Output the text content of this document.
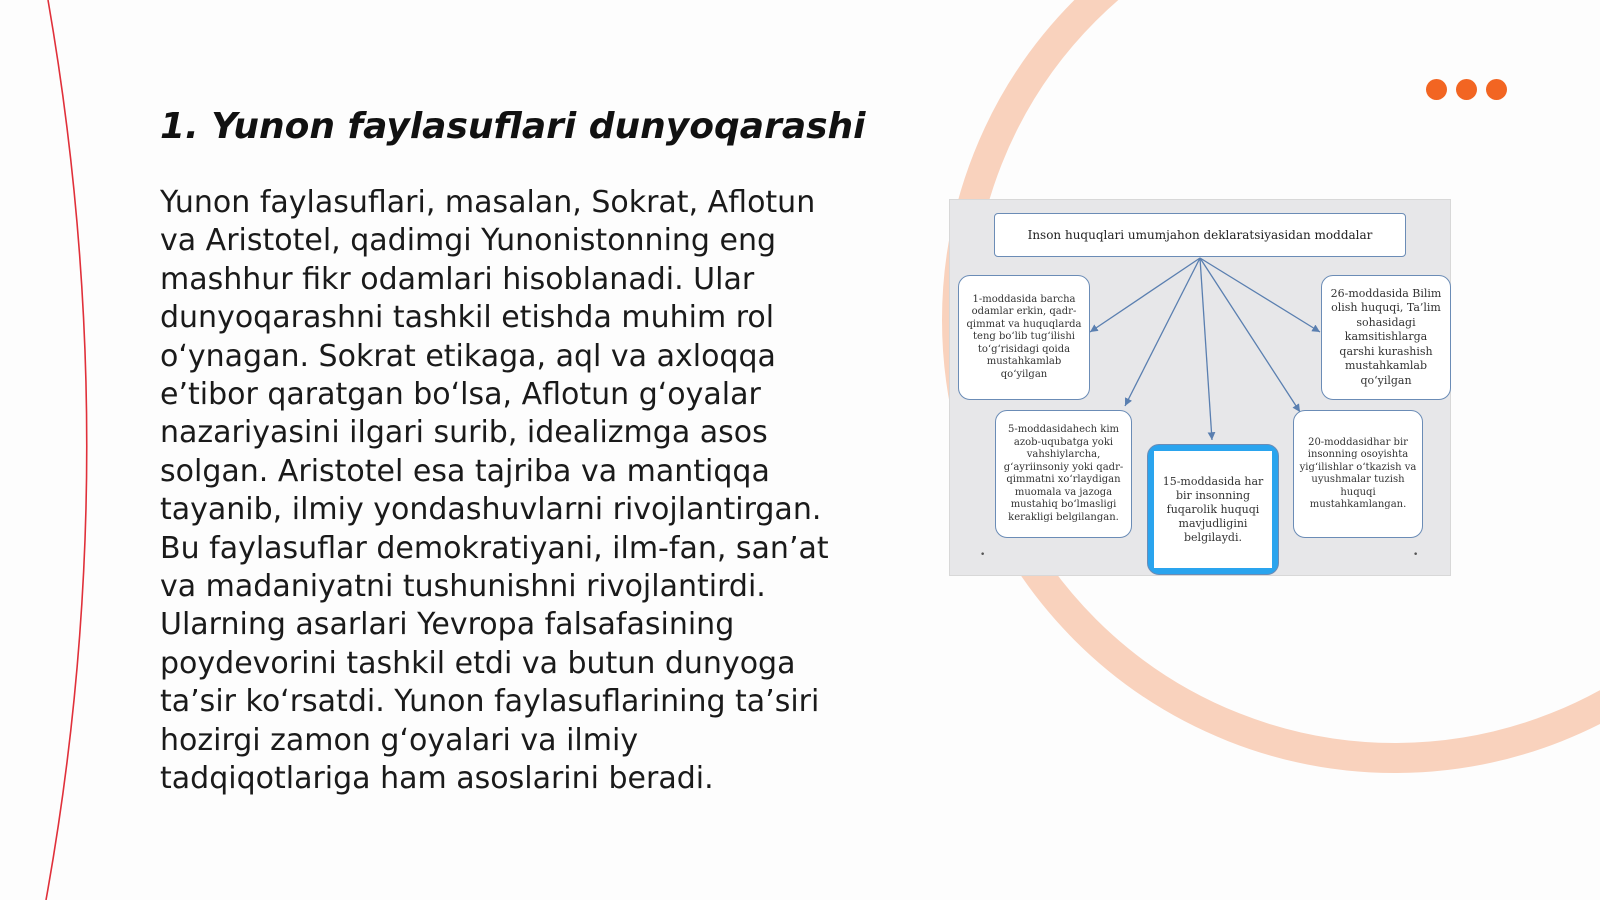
1. Yunon faylasuflari dunyoqarashi

Yunon faylasuflari, masalan, Sokrat, Aflotun va Aristotel, qadimgi Yunonistonning eng mashhur fikr odamlari hisoblanadi. Ular dunyoqarashni tashkil etishda muhim rol o‘ynagan. Sokrat etikaga, aql va axloqqa e’tibor qaratgan bo‘lsa, Aflotun g‘oyalar nazariyasini ilgari surib, idealizmga asos solgan. Aristotel esa tajriba va mantiqqa tayanib, ilmiy yondashuvlarni rivojlantirgan. Bu faylasuflar demokratiyani, ilm-fan, san’at va madaniyatni tushunishni rivojlantirdi. Ularning asarlari Yevropa falsafasining poydevorini tashkil etdi va butun dunyoga ta’sir ko‘rsatdi. Yunon faylasuflarining ta’siri hozirgi zamon g‘oyalari va ilmiy tadqiqotlariga ham asoslarini beradi.

Inson huquqlari umumjahon deklaratsiyasidan moddalar
1-moddasida barcha odamlar erkin, qadr-qimmat va huquqlarda teng bo‘lib tug‘ilishi to‘g‘risidagi qoida mustahkamlab qo‘yilgan
26-moddasida Bilim olish huquqi, Ta’lim sohasidagi kamsitishlarga qarshi kurashish mustahkamlab qo‘yilgan
5-moddasidahech kim azob-uqubatga yoki vahshiylarcha, g‘ayriinsoniy yoki qadr-qimmatni xo‘rlaydigan muomala va jazoga mustahiq bo‘lmasligi kerakligi belgilangan.
15-moddasida har bir insonning fuqarolik huquqi mavjudligini belgilaydi.
20-moddasidhar bir insonning osoyishta yig‘ilishlar o‘tkazish va uyushmalar tuzish huquqi mustahkamlangan.
•	•
